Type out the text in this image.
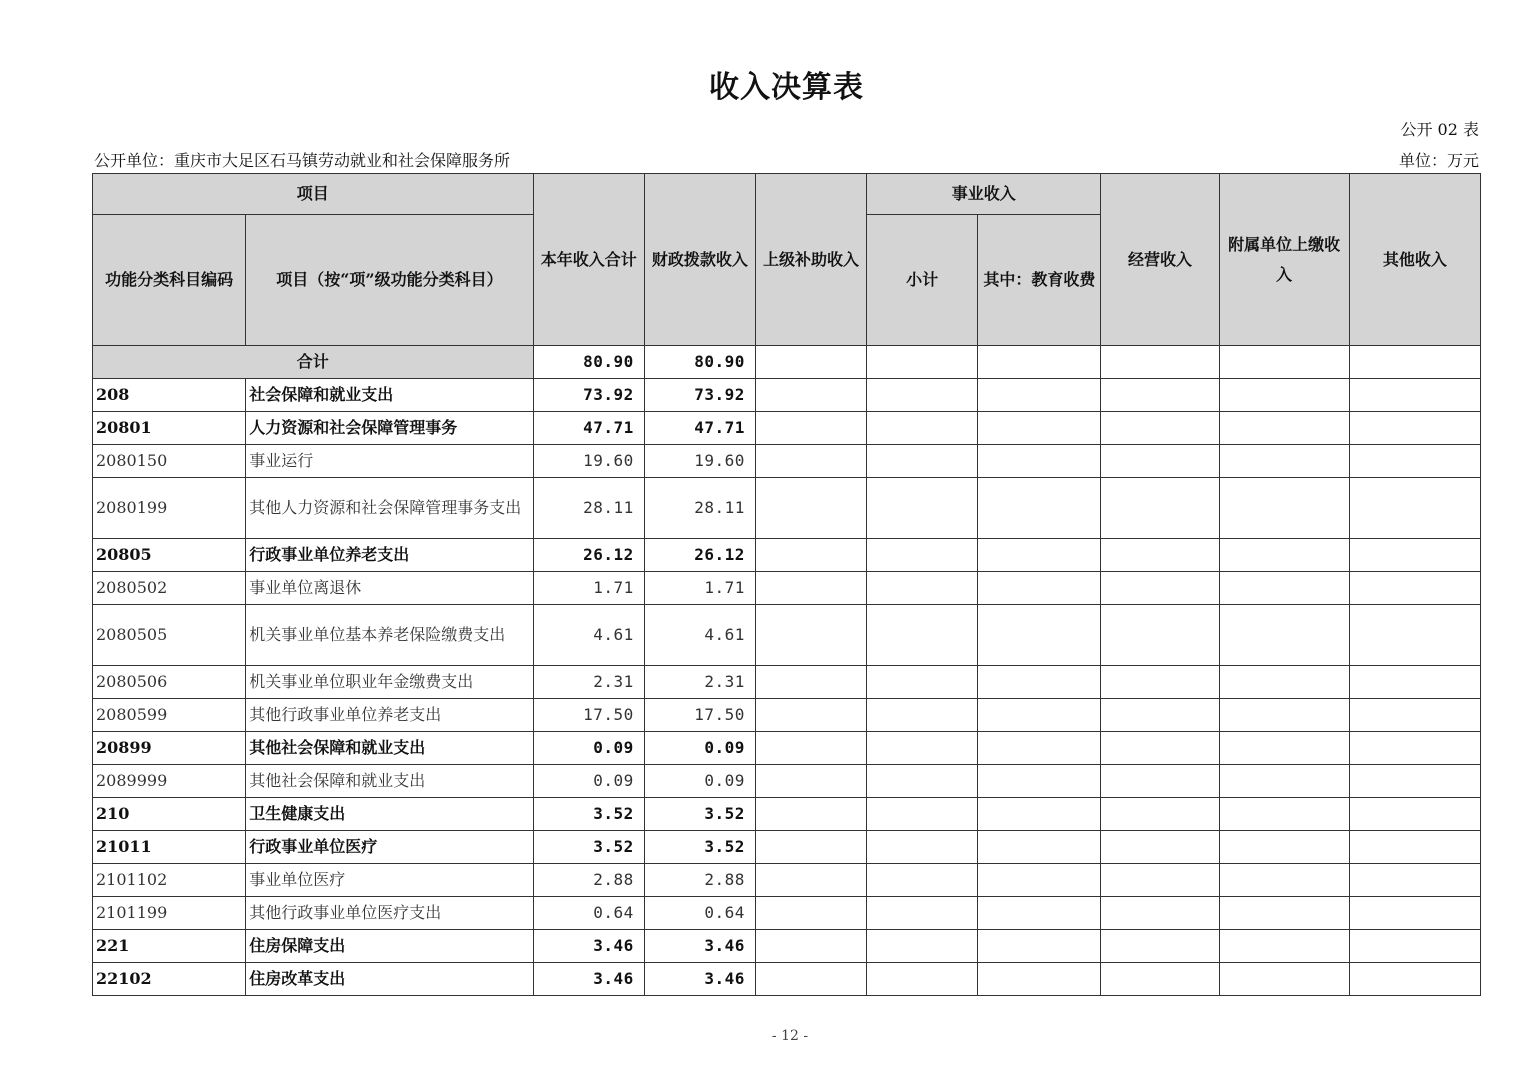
收入决算表
公开 02 表
公开单位：重庆市大足区石马镇劳动就业和社会保障服务所	单位：万元
项目		本年收入合计	财政拨款收入	上级补助收入	事业收入		经营收入	附属单位上缴收入	其他收入
功能分类科目编码	项目（按“项”级功能分类科目）				小计	其中：教育收费			
合计		80.90	80.90						
208	社会保障和就业支出	73.92	73.92						
20801	人力资源和社会保障管理事务	47.71	47.71						
2080150	事业运行	19.60	19.60						
2080199	其他人力资源和社会保障管理事务支出	28.11	28.11						
20805	行政事业单位养老支出	26.12	26.12						
2080502	事业单位离退休	1.71	1.71						
2080505	机关事业单位基本养老保险缴费支出	4.61	4.61						
2080506	机关事业单位职业年金缴费支出	2.31	2.31						
2080599	其他行政事业单位养老支出	17.50	17.50						
20899	其他社会保障和就业支出	0.09	0.09						
2089999	其他社会保障和就业支出	0.09	0.09						
210	卫生健康支出	3.52	3.52						
21011	行政事业单位医疗	3.52	3.52						
2101102	事业单位医疗	2.88	2.88						
2101199	其他行政事业单位医疗支出	0.64	0.64						
221	住房保障支出	3.46	3.46						
22102	住房改革支出	3.46	3.46						
- 12 -
